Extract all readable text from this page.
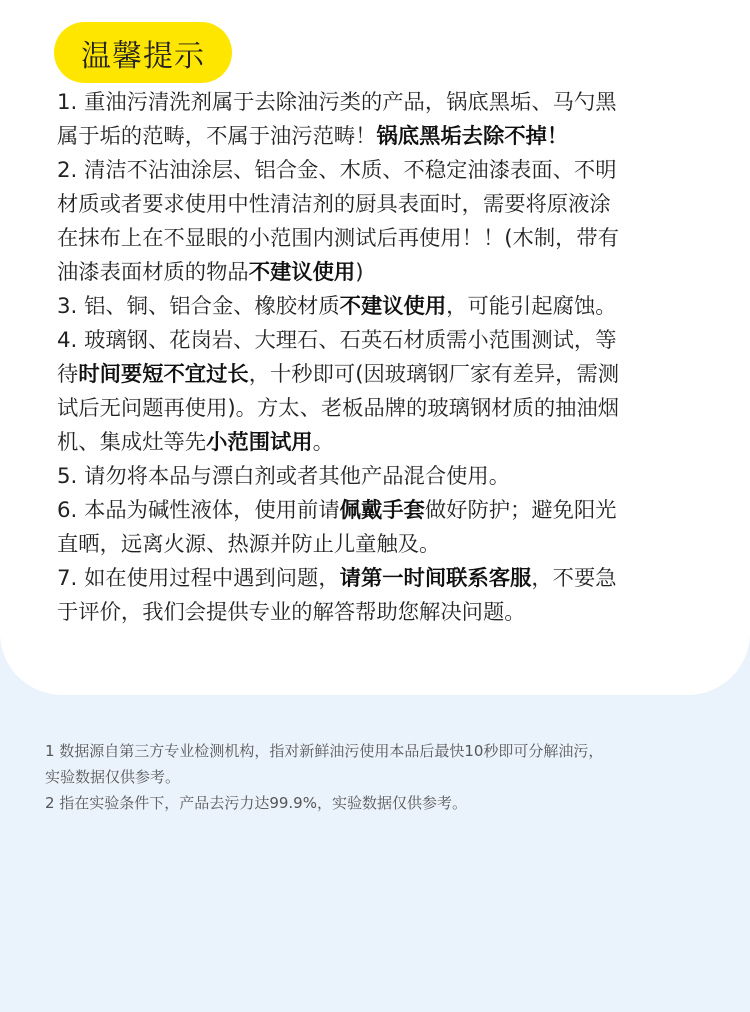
温馨提示
1. 重油污清洗剂属于去除油污类的产品，锅底黑垢、马勺黑
属于垢的范畴，不属于油污范畴！锅底黑垢去除不掉！
2. 清洁不沾油涂层、铝合金、木质、不稳定油漆表面、不明
材质或者要求使用中性清洁剂的厨具表面时，需要将原液涂
在抹布上在不显眼的小范围内测试后再使用！！(木制，带有
油漆表面材质的物品不建议使用)
3. 铝、铜、铝合金、橡胶材质不建议使用，可能引起腐蚀。
4. 玻璃钢、花岗岩、大理石、石英石材质需小范围测试，等
待时间要短不宜过长，十秒即可(因玻璃钢厂家有差异，需测
试后无问题再使用)。方太、老板品牌的玻璃钢材质的抽油烟
机、集成灶等先小范围试用。
5. 请勿将本品与漂白剂或者其他产品混合使用。
6. 本品为碱性液体，使用前请佩戴手套做好防护；避免阳光
直晒，远离火源、热源并防止儿童触及。
7. 如在使用过程中遇到问题，请第一时间联系客服，不要急
于评价，我们会提供专业的解答帮助您解决问题。
1 数据源自第三方专业检测机构，指对新鲜油污使用本品后最快10秒即可分解油污，
实验数据仅供参考。
2 指在实验条件下，产品去污力达99.9%，实验数据仅供参考。
